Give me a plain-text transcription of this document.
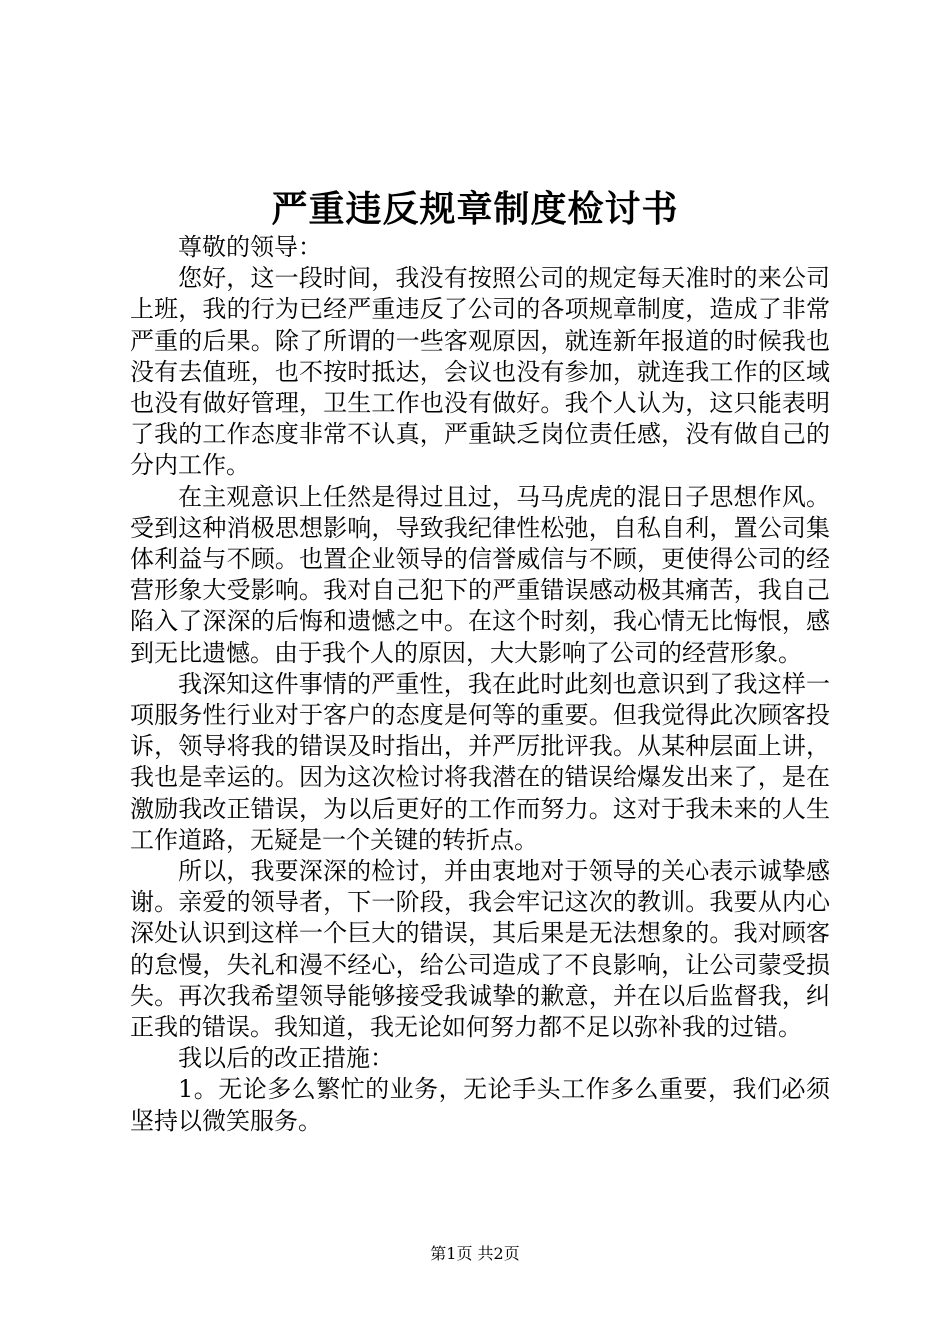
严重违反规章制度检讨书

尊敬的领导：

您好，这一段时间，我没有按照公司的规定每天准时的来公司上班，我的行为已经严重违反了公司的各项规章制度，造成了非常严重的后果。除了所谓的一些客观原因，就连新年报道的时候我也没有去值班，也不按时抵达，会议也没有参加，就连我工作的区域也没有做好管理，卫生工作也没有做好。我个人认为，这只能表明了我的工作态度非常不认真，严重缺乏岗位责任感，没有做自己的分内工作。

在主观意识上任然是得过且过，马马虎虎的混日子思想作风。受到这种消极思想影响，导致我纪律性松弛，自私自利，置公司集体利益与不顾。也置企业领导的信誉威信与不顾，更使得公司的经营形象大受影响。我对自己犯下的严重错误感动极其痛苦，我自己陷入了深深的后悔和遗憾之中。在这个时刻，我心情无比悔恨，感到无比遗憾。由于我个人的原因，大大影响了公司的经营形象。

我深知这件事情的严重性，我在此时此刻也意识到了我这样一项服务性行业对于客户的态度是何等的重要。但我觉得此次顾客投诉，领导将我的错误及时指出，并严厉批评我。从某种层面上讲，我也是幸运的。因为这次检讨将我潜在的错误给爆发出来了，是在激励我改正错误，为以后更好的工作而努力。这对于我未来的人生工作道路，无疑是一个关键的转折点。

所以，我要深深的检讨，并由衷地对于领导的关心表示诚挚感谢。亲爱的领导者，下一阶段，我会牢记这次的教训。我要从内心深处认识到这样一个巨大的错误，其后果是无法想象的。我对顾客的怠慢，失礼和漫不经心，给公司造成了不良影响，让公司蒙受损失。再次我希望领导能够接受我诚挚的歉意，并在以后监督我，纠正我的错误。我知道，我无论如何努力都不足以弥补我的过错。

我以后的改正措施：

1。无论多么繁忙的业务，无论手头工作多么重要，我们必须坚持以微笑服务。

第1页 共2页
